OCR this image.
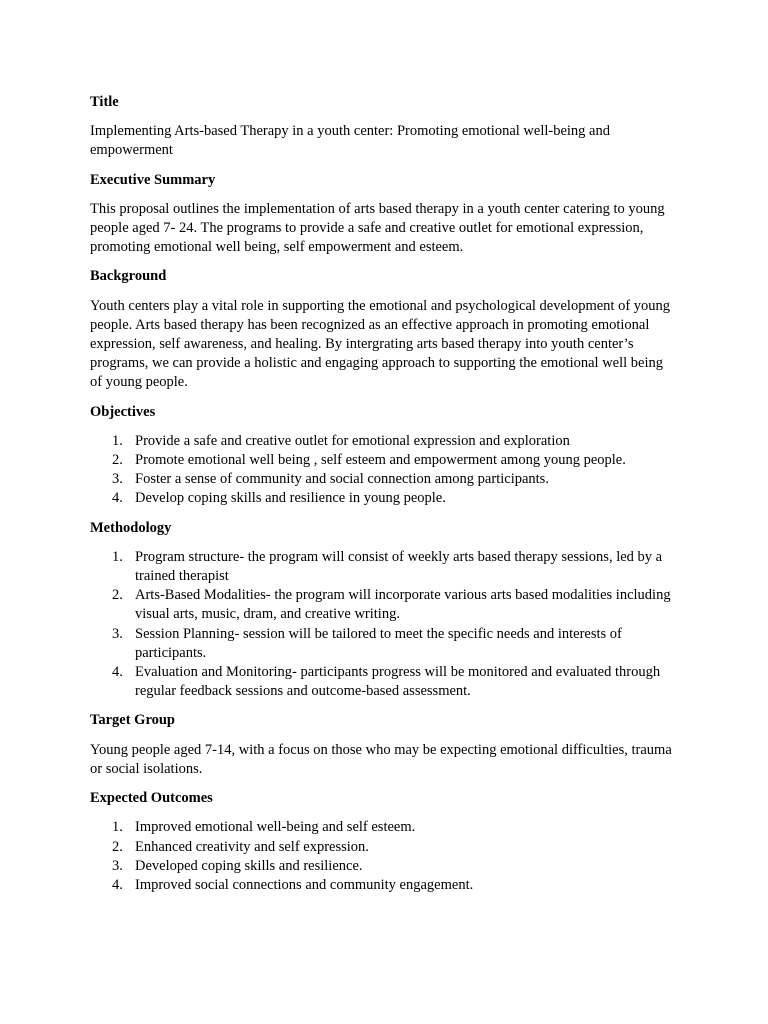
Title

Implementing Arts-based Therapy in a youth center: Promoting emotional well-being and empowerment

Executive Summary

This proposal outlines the implementation of arts based therapy in a youth center catering to young people aged 7- 24. The programs to provide a safe and creative outlet for emotional expression, promoting emotional well being, self empowerment and esteem.

Background

Youth centers play a vital role in supporting the emotional and psychological development of young people. Arts based therapy has been recognized as an effective approach in promoting emotional expression, self awareness, and healing. By intergrating arts based therapy into youth center’s programs, we can provide a holistic and engaging approach to supporting the emotional well being of young people.

Objectives
1. Provide a safe and creative outlet for emotional expression and exploration
2. Promote emotional well being , self esteem and empowerment among young people.
3. Foster a sense of community and social connection among participants.
4. Develop coping skills and resilience in young people.
Methodology
1. Program structure- the program will consist of weekly arts based therapy sessions, led by a trained therapist
2. Arts-Based Modalities- the program will incorporate various arts based modalities including visual arts, music, dram, and creative writing.
3. Session Planning- session will be tailored to meet the specific needs and interests of participants.
4. Evaluation and Monitoring- participants progress will be monitored and evaluated through regular feedback sessions and outcome-based assessment.
Target Group

Young people aged 7-14, with a focus on those who may be expecting emotional difficulties, trauma or social isolations.

Expected Outcomes
1. Improved emotional well-being and self esteem.
2. Enhanced creativity and self expression.
3. Developed coping skills and resilience.
4. Improved social connections and community engagement.
